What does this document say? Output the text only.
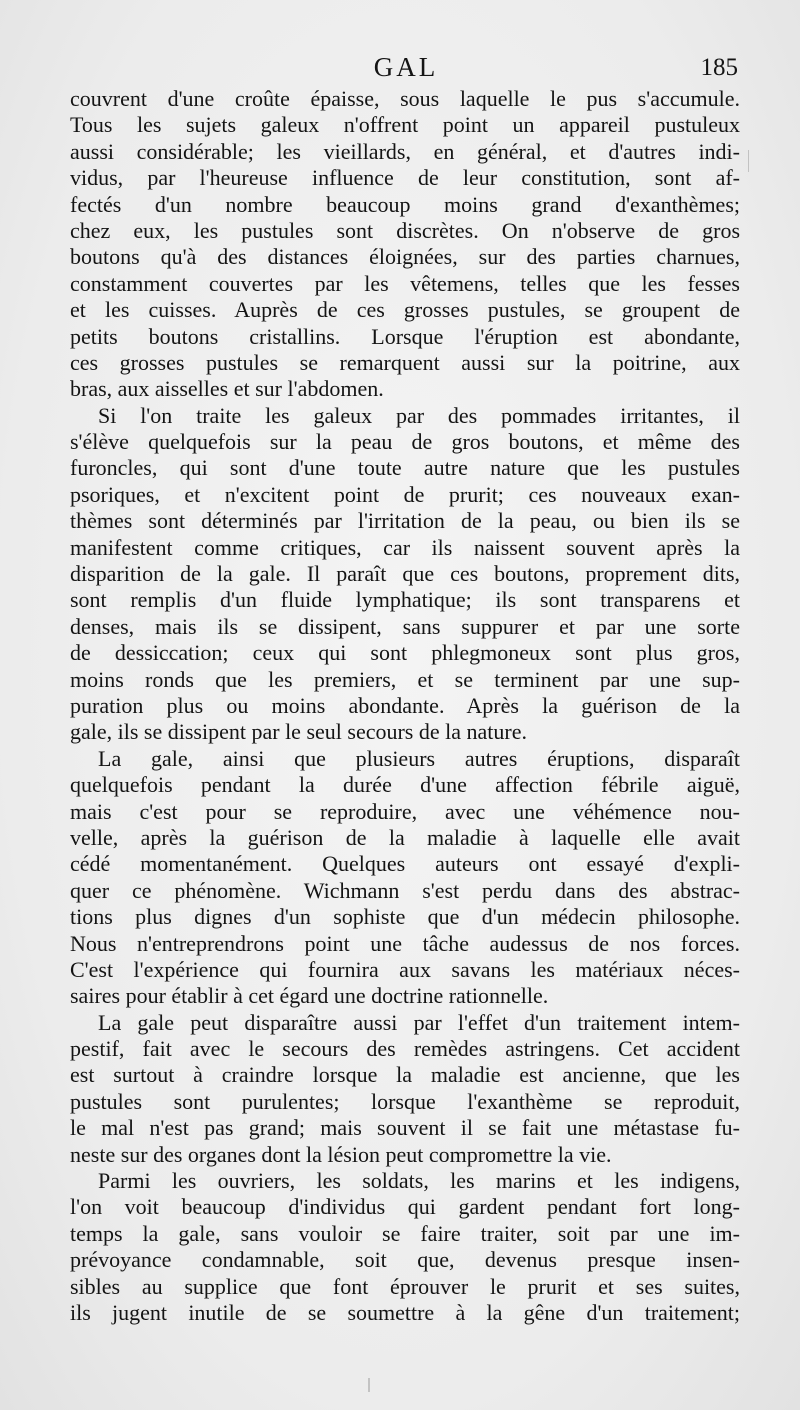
GAL	185
couvrent d'une croûte épaisse, sous laquelle le pus s'accumule.
Tous les sujets galeux n'offrent point un appareil pustuleux
aussi considérable; les vieillards, en général, et d'autres indi-
vidus, par l'heureuse influence de leur constitution, sont af-
fectés d'un nombre beaucoup moins grand d'exanthèmes;
chez eux, les pustules sont discrètes. On n'observe de gros
boutons qu'à des distances éloignées, sur des parties charnues,
constamment couvertes par les vêtemens, telles que les fesses
et les cuisses. Auprès de ces grosses pustules, se groupent de
petits boutons cristallins. Lorsque l'éruption est abondante,
ces grosses pustules se remarquent aussi sur la poitrine, aux
bras, aux aisselles et sur l'abdomen.
Si l'on traite les galeux par des pommades irritantes, il
s'élève quelquefois sur la peau de gros boutons, et même des
furoncles, qui sont d'une toute autre nature que les pustules
psoriques, et n'excitent point de prurit; ces nouveaux exan-
thèmes sont déterminés par l'irritation de la peau, ou bien ils se
manifestent comme critiques, car ils naissent souvent après la
disparition de la gale. Il paraît que ces boutons, proprement dits,
sont remplis d'un fluide lymphatique; ils sont transparens et
denses, mais ils se dissipent, sans suppurer et par une sorte
de dessiccation; ceux qui sont phlegmoneux sont plus gros,
moins ronds que les premiers, et se terminent par une sup-
puration plus ou moins abondante. Après la guérison de la
gale, ils se dissipent par le seul secours de la nature.
La gale, ainsi que plusieurs autres éruptions, disparaît
quelquefois pendant la durée d'une affection fébrile aiguë,
mais c'est pour se reproduire, avec une véhémence nou-
velle, après la guérison de la maladie à laquelle elle avait
cédé momentanément. Quelques auteurs ont essayé d'expli-
quer ce phénomène. Wichmann s'est perdu dans des abstrac-
tions plus dignes d'un sophiste que d'un médecin philosophe.
Nous n'entreprendrons point une tâche audessus de nos forces.
C'est l'expérience qui fournira aux savans les matériaux néces-
saires pour établir à cet égard une doctrine rationnelle.
La gale peut disparaître aussi par l'effet d'un traitement intem-
pestif, fait avec le secours des remèdes astringens. Cet accident
est surtout à craindre lorsque la maladie est ancienne, que les
pustules sont purulentes; lorsque l'exanthème se reproduit,
le mal n'est pas grand; mais souvent il se fait une métastase fu-
neste sur des organes dont la lésion peut compromettre la vie.
Parmi les ouvriers, les soldats, les marins et les indigens,
l'on voit beaucoup d'individus qui gardent pendant fort long-
temps la gale, sans vouloir se faire traiter, soit par une im-
prévoyance condamnable, soit que, devenus presque insen-
sibles au supplice que font éprouver le prurit et ses suites,
ils jugent inutile de se soumettre à la gêne d'un traitement;
